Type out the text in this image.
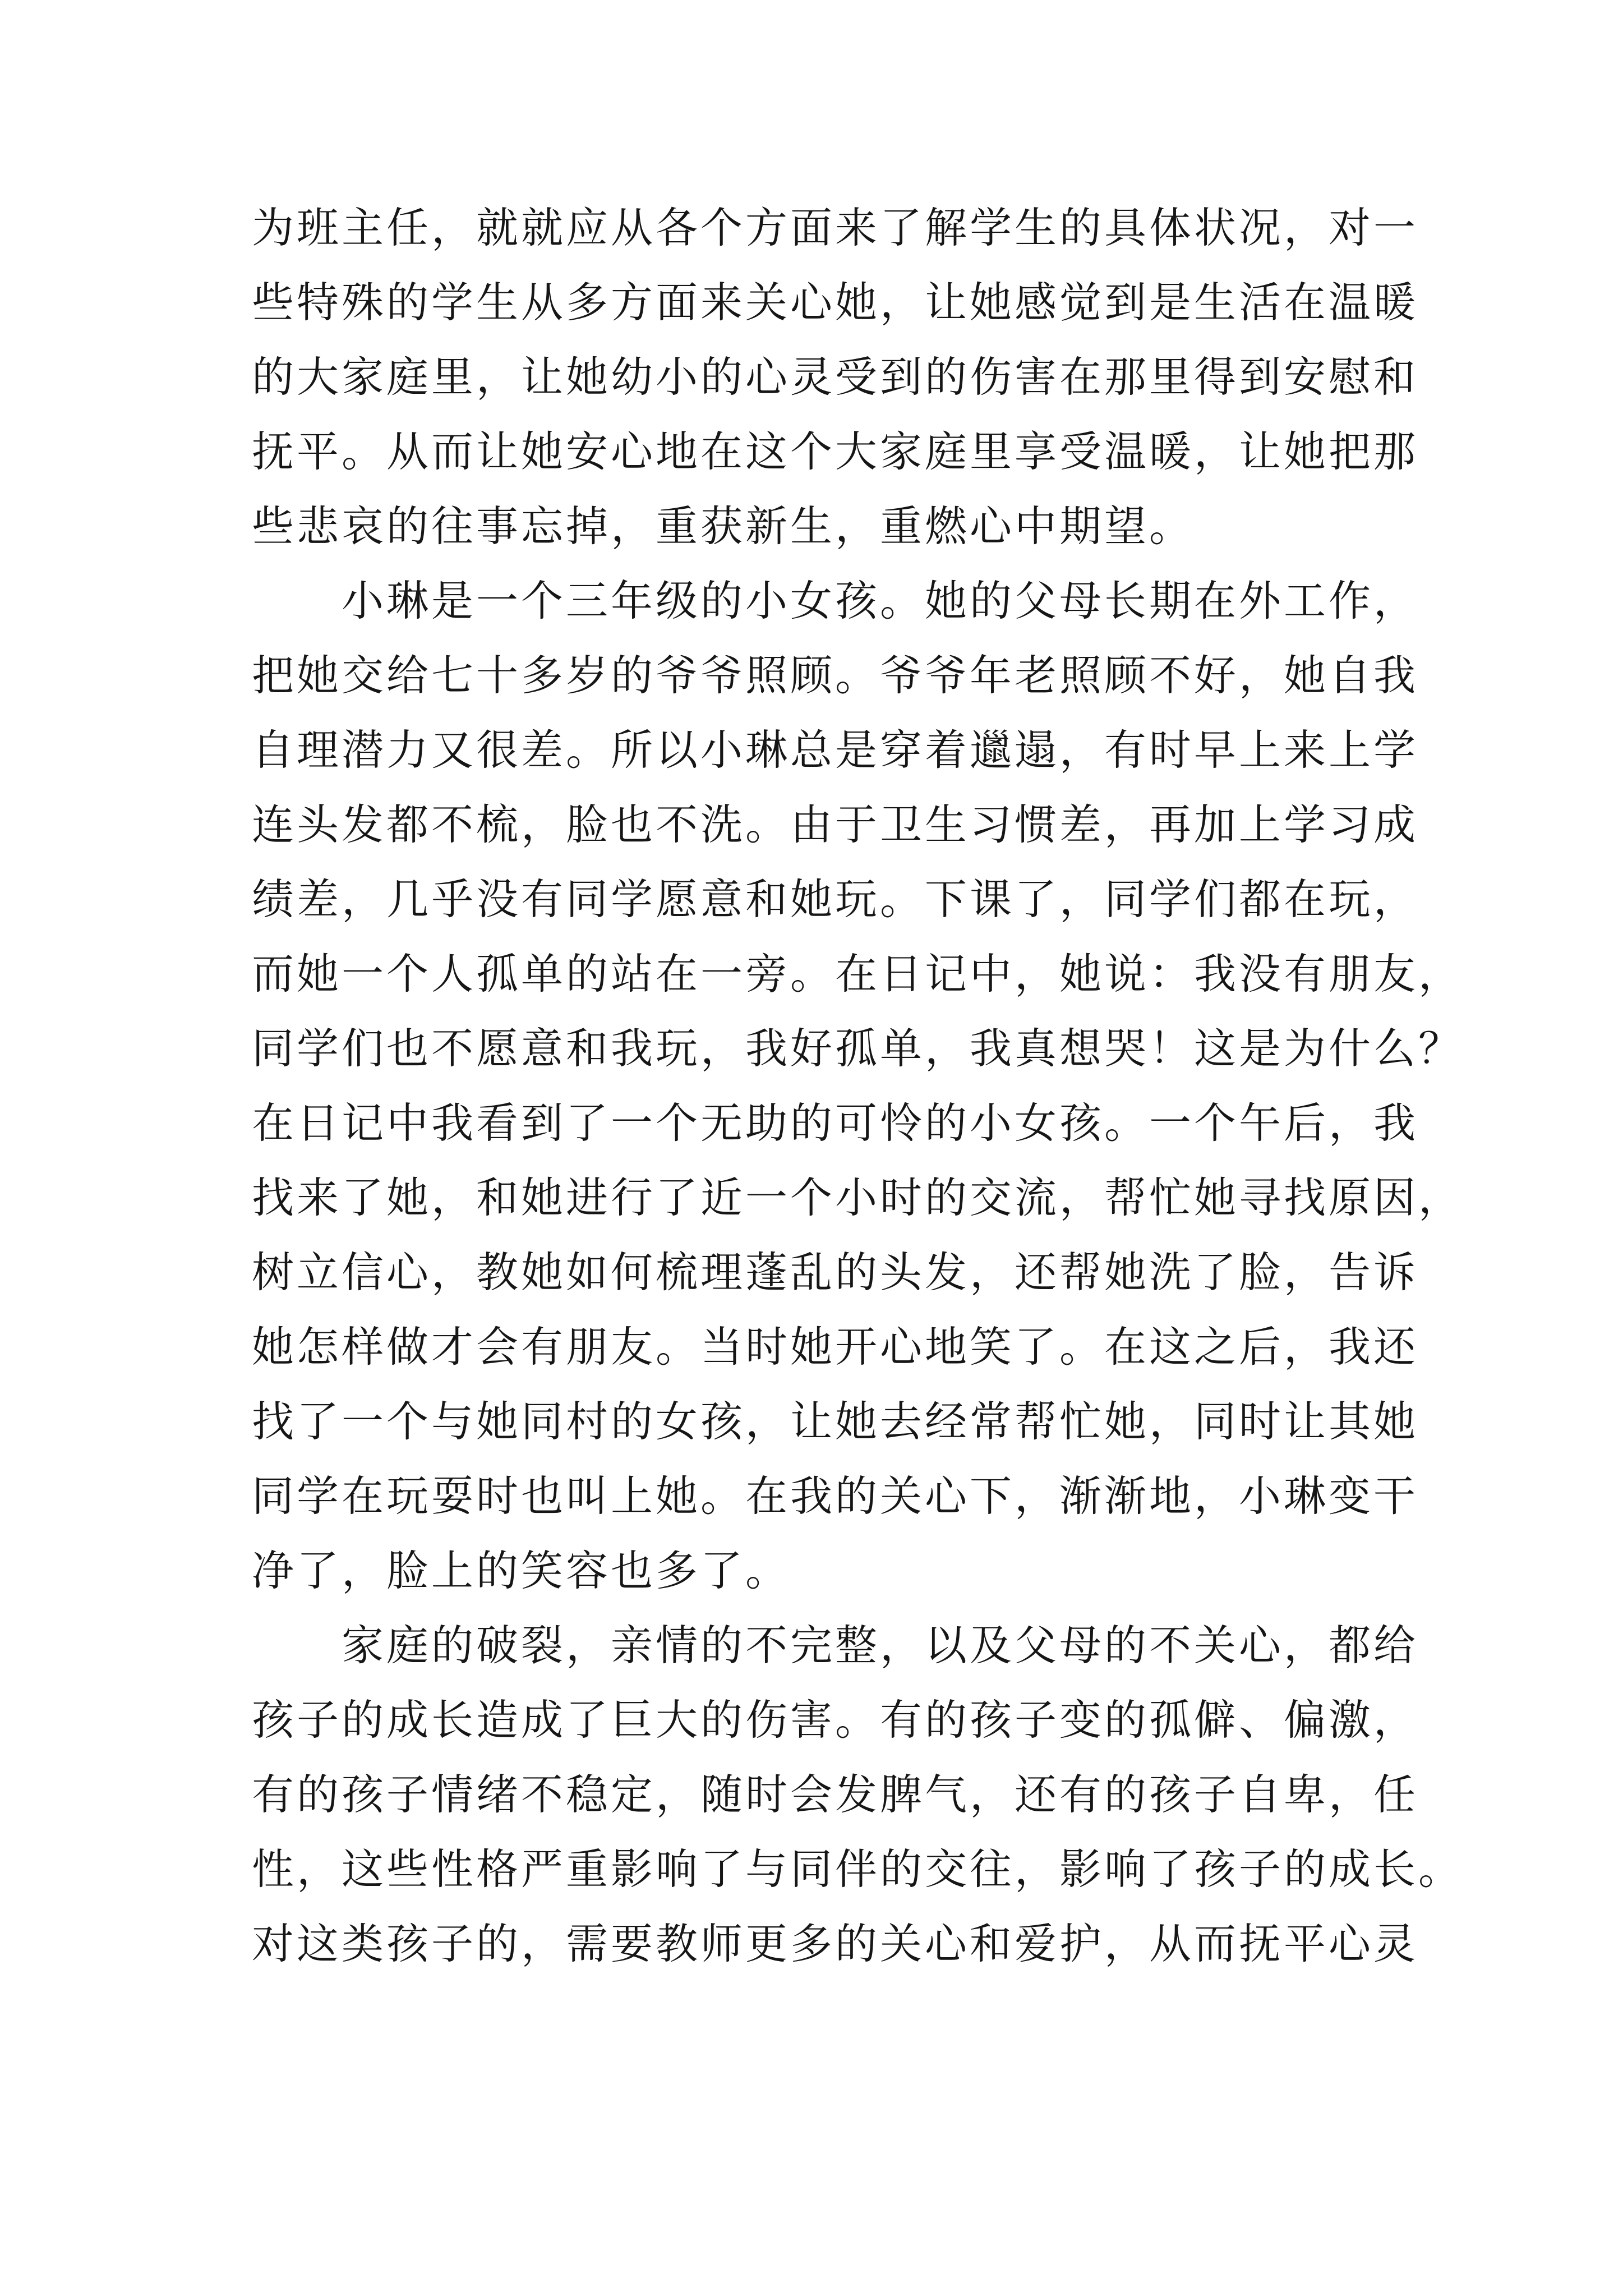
为班主任，就就应从各个方面来了解学生的具体状况，对一
些特殊的学生从多方面来关心她，让她感觉到是生活在温暖
的大家庭里，让她幼小的心灵受到的伤害在那里得到安慰和
抚平。从而让她安心地在这个大家庭里享受温暖，让她把那
些悲哀的往事忘掉，重获新生，重燃心中期望。
　　小琳是一个三年级的小女孩。她的父母长期在外工作，
把她交给七十多岁的爷爷照顾。爷爷年老照顾不好，她自我
自理潜力又很差。所以小琳总是穿着邋遢，有时早上来上学
连头发都不梳，脸也不洗。由于卫生习惯差，再加上学习成
绩差，几乎没有同学愿意和她玩。下课了，同学们都在玩，
而她一个人孤单的站在一旁。在日记中，她说：我没有朋友，
同学们也不愿意和我玩，我好孤单，我真想哭！这是为什么？
在日记中我看到了一个无助的可怜的小女孩。一个午后，我
找来了她，和她进行了近一个小时的交流，帮忙她寻找原因，
树立信心，教她如何梳理蓬乱的头发，还帮她洗了脸，告诉
她怎样做才会有朋友。当时她开心地笑了。在这之后，我还
找了一个与她同村的女孩，让她去经常帮忙她，同时让其她
同学在玩耍时也叫上她。在我的关心下，渐渐地，小琳变干
净了，脸上的笑容也多了。
　　家庭的破裂，亲情的不完整，以及父母的不关心，都给
孩子的成长造成了巨大的伤害。有的孩子变的孤僻、偏激，
有的孩子情绪不稳定，随时会发脾气，还有的孩子自卑，任
性，这些性格严重影响了与同伴的交往，影响了孩子的成长。
对这类孩子的，需要教师更多的关心和爱护，从而抚平心灵
